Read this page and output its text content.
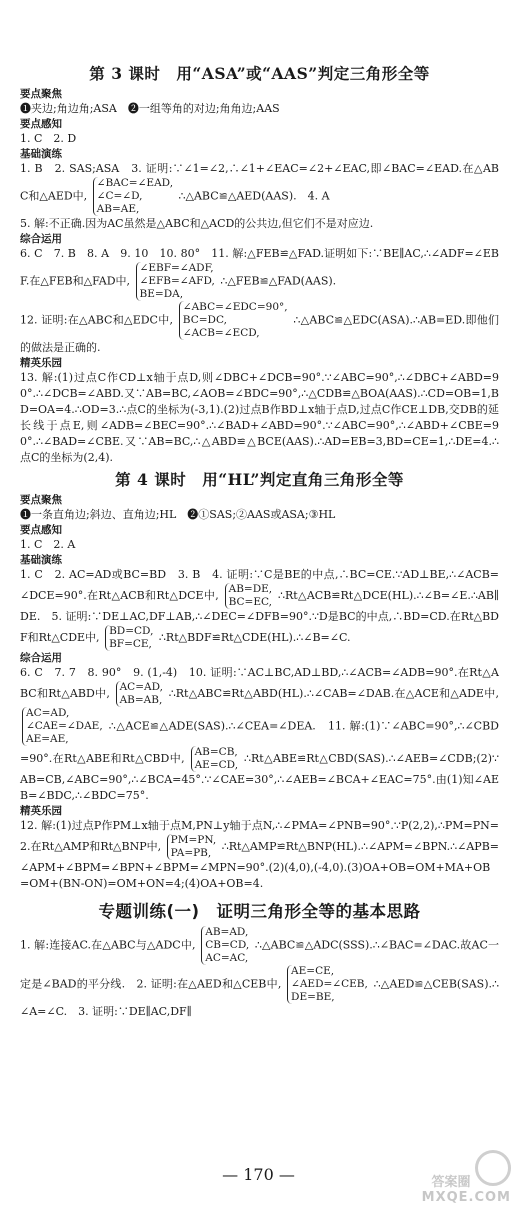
第 3 课时　用“ASA”或“AAS”判定三角形全等
要点聚焦
❶夹边;角边角;ASA　❷一组等角的对边;角角边;AAS
要点感知
1. C　2. D
基础演练
1. B　2. SAS;ASA　3. 证明:∵∠1=∠2,∴∠1+∠EAC=∠2+∠EAC,即∠BAC=∠EAD.在△ABC和△AED中,
∠BAC=∠EAD,
∠C=∠D,
AB=AE,
∴△ABC≌△AED(AAS).　4. A
5. 解:不正确.因为AC虽然是△ABC和△ACD的公共边,但它们不是对应边.
综合运用
6. C　7. B　8. A　9. 10　10. 80°　11. 解:△FEB≌△FAD.证明如下:∵BE∥AC,∴∠ADF=∠EBF.在△FEB和△FAD中,
∠EBF=∠ADF,
∠EFB=∠AFD,
BE=DA,
∴△FEB≌△FAD(AAS).
12. 证明:在△ABC和△EDC中,
∠ABC=∠EDC=90°,
BC=DC,
∠ACB=∠ECD,
∴△ABC≌△EDC(ASA).∴AB=ED.即他们的做法是正确的.
精英乐园
13. 解:(1)过点C作CD⊥x轴于点D,则∠DBC+∠DCB=90°.∵∠ABC=90°,∴∠DBC+∠ABD=90°.∴∠DCB=∠ABD.又∵AB=BC,∠AOB=∠BDC=90°,∴△CDB≌△BOA(AAS).∴CD=OB=1,BD=OA=4.∴OD=3.∴点C的坐标为(-3,1).(2)过点B作BD⊥x轴于点D,过点C作CE⊥DB,交DB的延长线于点E,则∠ADB=∠BEC=90°.∴∠BAD+∠ABD=90°.∵∠ABC=90°,∴∠ABD+∠CBE=90°.∴∠BAD=∠CBE.又∵AB=BC,∴△ABD≌△BCE(AAS).∴AD=EB=3,BD=CE=1,∴DE=4.∴点C的坐标为(2,4).
第 4 课时　用“HL”判定直角三角形全等
要点聚焦
❶一条直角边;斜边、直角边;HL　❷①SAS;②AAS或ASA;③HL
要点感知
1. C　2. A
基础演练
1. C　2. AC=AD或BC=BD　3. B　4. 证明:∵C是BE的中点,∴BC=CE.∵AD⊥BE,∴∠ACB=∠DCE=90°.在Rt△ACB和Rt△DCE中, AB=DE,
BC=EC, ∴Rt△ACB≌Rt△DCE(HL).∴∠B=∠E.∴AB∥DE.　5. 证明:∵DE⊥AC,DF⊥AB,∴∠DEC=∠DFB=90°.∵D是BC的中点,∴BD=CD.在Rt△BDF和Rt△CDE中, BD=CD,
BF=CE, ∴Rt△BDF≌Rt△CDE(HL).∴∠B=∠C.
综合运用
6. C　7. 7　8. 90°　9. (1,-4)　10. 证明:∵AC⊥BC,AD⊥BD,∴∠ACB=∠ADB=90°.在Rt△ABC和Rt△ABD中, AC=AD,
AB=AB, ∴Rt△ABC≌Rt△ABD(HL).∴∠CAB=∠DAB.在△ACE和△ADE中,
AC=AD,
∠CAE=∠DAE,
AE=AE,
∴△ACE≌△ADE(SAS).∴∠CEA=∠DEA.　11. 解:(1)∵∠ABC=90°,∴∠CBD=90°.在Rt△ABE和Rt△CBD中, AB=CB,
AE=CD, ∴Rt△ABE≌Rt△CBD(SAS).∴∠AEB=∠CDB;(2)∵AB=CB,∠ABC=90°,∴∠BCA=45°.∵∠CAE=30°,∴∠AEB=∠BCA+∠EAC=75°.由(1)知∠AEB=∠BDC,∴∠BDC=75°.
精英乐园
12. 解:(1)过点P作PM⊥x轴于点M,PN⊥y轴于点N,∴∠PMA=∠PNB=90°.∵P(2,2),∴PM=PN=2.在Rt△AMP和Rt△BNP中, PM=PN,
PA=PB, ∴Rt△AMP≌Rt△BNP(HL).∴∠APM=∠BPN.∴∠APB=∠APM+∠BPM=∠BPN+∠BPM=∠MPN=90°.(2)(4,0),(-4,0).(3)OA+OB=OM+MA+OB=OM+(BN-ON)=OM+ON=4;(4)OA+OB=4.
专题训练(一)　证明三角形全等的基本思路
1. 解:连接AC.在△ABC与△ADC中,
AB=AD,
CB=CD,
AC=AC,
∴△ABC≌△ADC(SSS).∴∠BAC=∠DAC.故AC一定是∠BAD的平分线.　2. 证明:在△AED和△CEB中,
AE=CE,
∠AED=∠CEB,
DE=BE,
∴△AED≌△CEB(SAS).∴∠A=∠C.　3. 证明:∵DE∥AC,DF∥
— 170 —	答案圈
MXQE.COM
